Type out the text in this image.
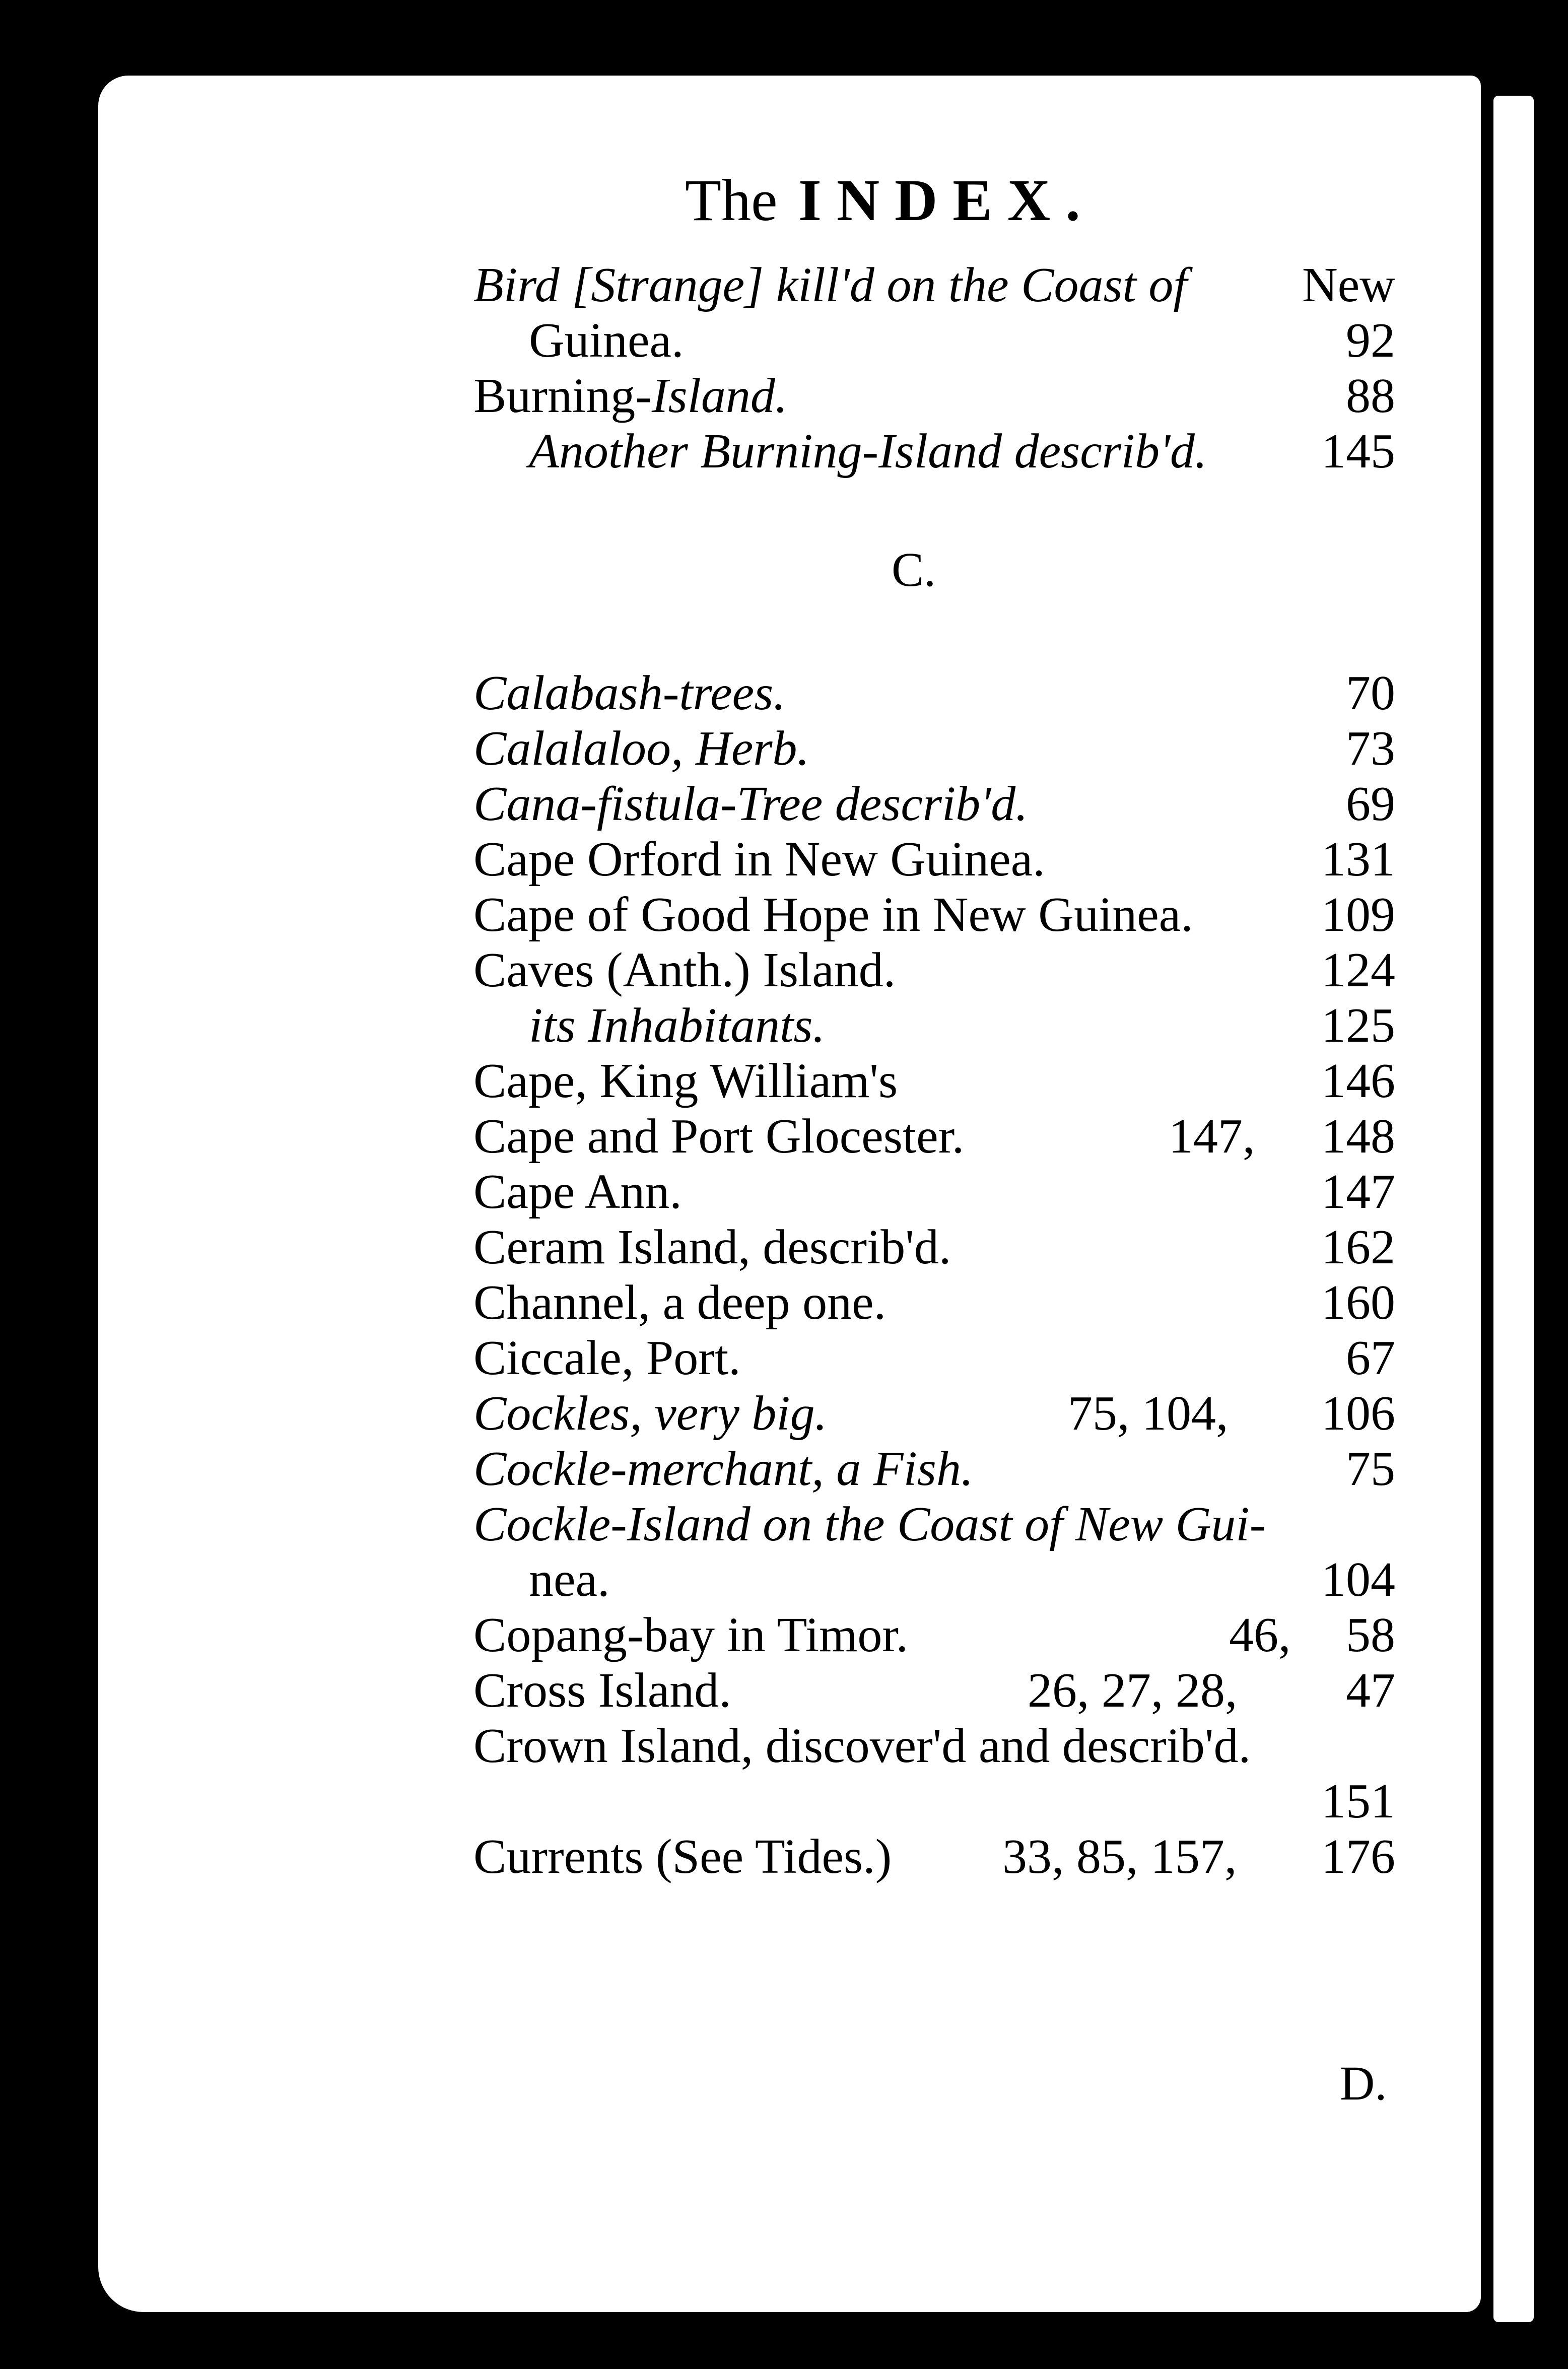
The INDEX.
Bird [Strange] kill'd on the Coast of New
Guinea.	92
Burning-Island.	88
Another Burning-Island describ'd. 145
C.
Calabash-trees.	70
Calalaloo, Herb.	73
Cana-fistula-Tree describ'd.	69
Cape Orford in New Guinea.	131
Cape of Good Hope in New Guinea.	109
Caves (Anth.) Island.	124
its Inhabitants.	125
Cape, King William's	146
Cape and Port Glocester.	147, 148
Cape Ann.	147
Ceram Island, describ'd.	162
Channel, a deep one.	160
Ciccale, Port.	67
Cockles, very big.	75, 104, 106
Cockle-merchant, a Fish.	75
Cockle-Island on the Coast of New Gui-
nea.	104
Copang-bay in Timor.	46, 58
Cross Island.	26, 27, 28, 47
Crown Island, discover'd and describ'd.
151
Currents (See Tides.) 33, 85, 157, 176
D.
